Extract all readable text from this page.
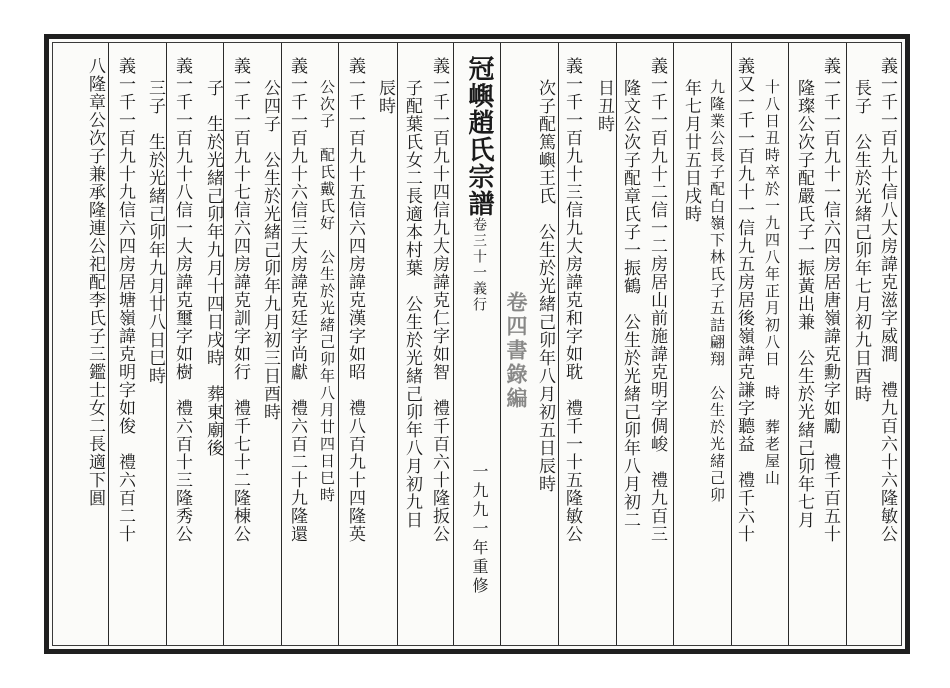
義一千一百九十信八大房諱克滋字威澗　禮九百六十六隆敏公
長子　公生於光緒己卯年七月初九日酉時
義一千一百九十一信六四房居唐嶺諱克勳字如勵　禮千百五十
隆璨公次子配嚴氏子一振黃出兼　公生於光緒己卯年七月
十八日丑時卒於一九四八年正月初八日　時　葬老屋山
義又一千一百九十一信九五房居後嶺諱克謙字聽益　禮千六十
九隆業公長子配白嶺下林氏子五詰翩翔　公生於光緒己卯
年七月廿五日戌時
義一千一百九十二信一二房居山前施諱克明字倜峻　禮九百三
隆文公次子配章氏子一振鶴　公生於光緒己卯年八月初二
日丑時
義一千一百九十三信九大房諱克和字如耽　禮千一十五隆敏公
次子配篤嶼王氏　公生於光緒己卯年八月初五日辰時
冠嶼趙氏宗譜卷三十一義行一九九一年重修
卷四書錄編
義一千一百九十四信九大房諱克仁字如智　禮千百六十隆扳公
子配葉氏女二長適本村葉　公生於光緒己卯年八月初九日
辰時
義一千一百九十五信六四房諱克漢字如昭　禮八百九十四隆英
公次子　配氏戴氏好　公生於光緒己卯年八月廿四日巳時
義一千一百九十六信三大房諱克廷字尚獻　禮六百二十九隆還
公四子　公生於光緒己卯年九月初三日酉時
義一千一百九十七信六四房諱克訓字如行　禮千七十二隆棟公
子　生於光緒己卯年九月十四日戌時　葬東廟後
義一千一百九十八信一大房諱克璽字如樹　禮六百十三隆秀公
三子　生於光緒己卯年九月廿八日巳時
義一千一百九十九信六四房居塘嶺諱克明字如俊　禮六百二十
八隆章公次子兼承隆連公祀配李氏子三鑑士女二長適下圓
